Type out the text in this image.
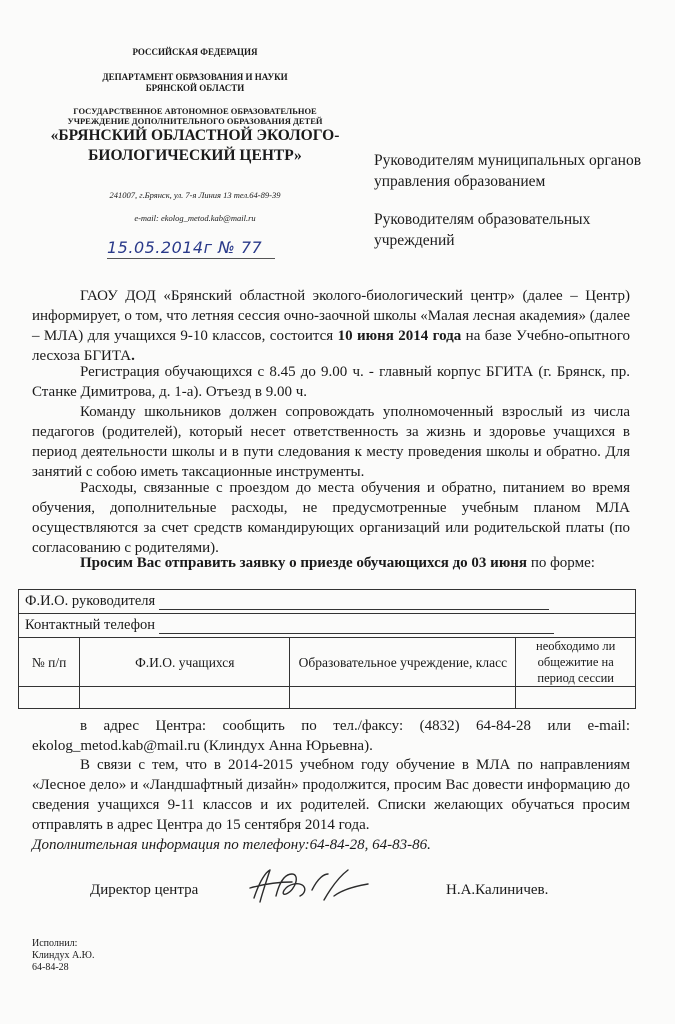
РОССИЙСКАЯ ФЕДЕРАЦИЯ
ДЕПАРТАМЕНТ ОБРАЗОВАНИЯ И НАУКИ
БРЯНСКОЙ ОБЛАСТИ
ГОСУДАРСТВЕННОЕ АВТОНОМНОЕ ОБРАЗОВАТЕЛЬНОЕ
УЧРЕЖДЕНИЕ ДОПОЛНИТЕЛЬНОГО ОБРАЗОВАНИЯ ДЕТЕЙ
«БРЯНСКИЙ ОБЛАСТНОЙ ЭКОЛОГО-
БИОЛОГИЧЕСКИЙ ЦЕНТР»
241007, г.Брянск, ул. 7-я Линия 13 тел.64-89-39
e-mail: ekolog_metod.kab@mail.ru
15.05.2014г № 77
Руководителям муниципальных органов управления образованием
Руководителям образовательных учреждений

ГАОУ ДОД «Брянский областной эколого-биологический центр» (далее – Центр) информирует, о том, что летняя сессия очно-заочной школы «Малая лесная академия» (далее – МЛА) для учащихся 9-10 классов, состоится 10 июня 2014 года на базе Учебно-опытного лесхоза БГИТА.

Регистрация обучающихся с 8.45 до 9.00 ч. - главный корпус БГИТА (г. Брянск, пр. Станке Димитрова, д. 1-а). Отъезд в 9.00 ч.

Команду школьников должен сопровождать уполномоченный взрослый из числа педагогов (родителей), который несет ответственность за жизнь и здоровье учащихся в период деятельности школы и в пути следования к месту проведения школы и обратно. Для занятий с собою иметь таксационные инструменты.

Расходы, связанные с проездом до места обучения и обратно, питанием во время обучения, дополнительные расходы, не предусмотренные учебным планом МЛА осуществляются за счет средств командирующих организаций или родительской платы (по согласованию с родителями).

Просим Вас отправить заявку о приезде обучающихся до 03 июня по форме:

Ф.И.О. руководителя			
Контактный телефон			
№ п/п	Ф.И.О. учащихся	Образовательное учреждение, класс	необходимо ли общежитие на период сессии

в адрес Центра: сообщить по тел./факсу: (4832) 64-84-28 или e-mail: ekolog_metod.kab@mail.ru (Клиндух Анна Юрьевна).

В связи с тем, что в 2014-2015 учебном году обучение в МЛА по направлениям «Лесное дело» и «Ландшафтный дизайн» продолжится, просим Вас довести информацию до сведения учащихся 9-11 классов и их родителей. Списки желающих обучаться просим отправлять в адрес Центра до 15 сентября 2014 года.

Дополнительная информация по телефону:64-84-28, 64-83-86.
Директор центра	Н.А.Калиничев.
Исполнил:
Клиндух А.Ю.
64-84-28
